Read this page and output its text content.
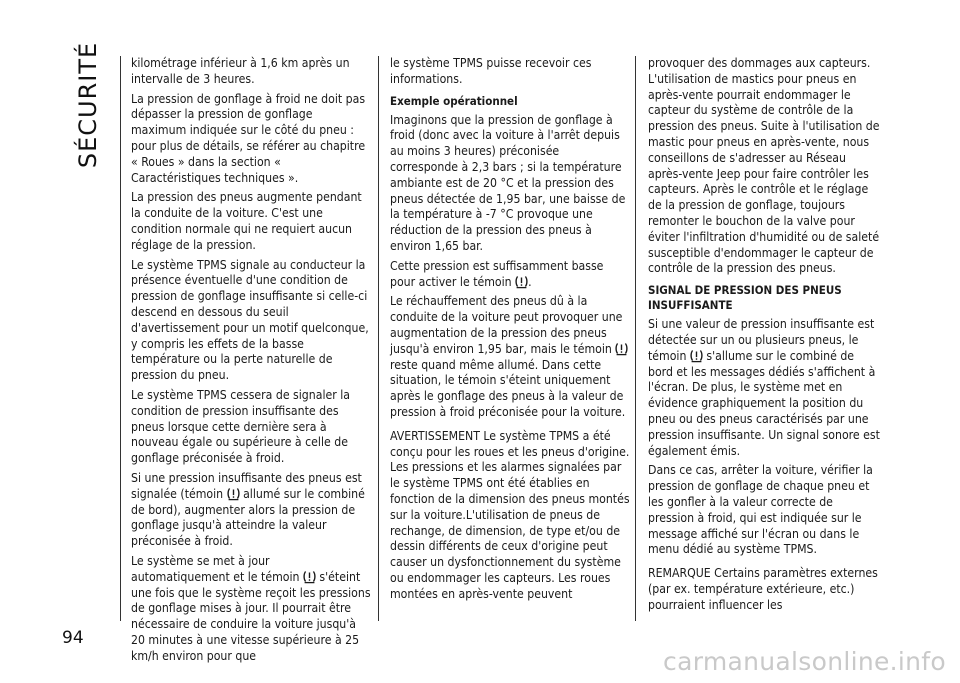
SÉCURITÉ
94

kilométrage inférieur à 1,6 km après un intervalle de 3 heures.

La pression de gonflage à froid ne doit pas dépasser la pression de gonflage maximum indiquée sur le côté du pneu : pour plus de détails, se référer au chapitre « Roues » dans la section « Caractéristiques techniques ».

La pression des pneus augmente pendant la conduite de la voiture. C'est une condition normale qui ne requiert aucun réglage de la pression.

Le système TPMS signale au conducteur la présence éventuelle d'une condition de pression de gonflage insuffisante si celle-ci descend en dessous du seuil d'avertissement pour un motif quelconque, y compris les effets de la basse température ou la perte naturelle de pression du pneu.

Le système TPMS cessera de signaler la condition de pression insuffisante des pneus lorsque cette dernière sera à nouveau égale ou supérieure à celle de gonflage préconisée à froid.

Si une pression insuffisante des pneus est signalée (témoin  allumé sur le combiné de bord), augmenter alors la pression de gonflage jusqu'à atteindre la valeur préconisée à froid.

Le système se met à jour automatiquement et le témoin  s'éteint une fois que le système reçoit les pressions de gonflage mises à jour. Il pourrait être nécessaire de conduire la voiture jusqu'à 20 minutes à une vitesse supérieure à 25 km/h environ pour que

le système TPMS puisse recevoir ces informations.

Exemple opérationnel

Imaginons que la pression de gonflage à froid (donc avec la voiture à l'arrêt depuis au moins 3 heures) préconisée corresponde à 2,3 bars ; si la température ambiante est de 20 °C et la pression des pneus détectée de 1,95 bar, une baisse de la température à -7 °C provoque une réduction de la pression des pneus à environ 1,65 bar.

Cette pression est suffisamment basse pour activer le témoin .

Le réchauffement des pneus dû à la conduite de la voiture peut provoquer une augmentation de la pression des pneus jusqu'à environ 1,95 bar, mais le témoin  reste quand même allumé. Dans cette situation, le témoin s'éteint uniquement après le gonflage des pneus à la valeur de pression à froid préconisée pour la voiture.

AVERTISSEMENT Le système TPMS a été conçu pour les roues et les pneus d'origine. Les pressions et les alarmes signalées par le système TPMS ont été établies en fonction de la dimension des pneus montés sur la voiture.L'utilisation de pneus de rechange, de dimension, de type et/ou de dessin différents de ceux d'origine peut causer un dysfonctionnement du système ou endommager les capteurs. Les roues montées en après-vente peuvent

provoquer des dommages aux capteurs. L'utilisation de mastics pour pneus en après-vente pourrait endommager le capteur du système de contrôle de la pression des pneus. Suite à l'utilisation de mastic pour pneus en après-vente, nous conseillons de s'adresser au Réseau après-vente Jeep pour faire contrôler les capteurs. Après le contrôle et le réglage de la pression de gonflage, toujours remonter le bouchon de la valve pour éviter l'infiltration d'humidité ou de saleté susceptible d'endommager le capteur de contrôle de la pression des pneus.

SIGNAL DE PRESSION DES PNEUS INSUFFISANTE

Si une valeur de pression insuffisante est détectée sur un ou plusieurs pneus, le témoin  s'allume sur le combiné de bord et les messages dédiés s'affichent à l'écran. De plus, le système met en évidence graphiquement la position du pneu ou des pneus caractérisés par une pression insuffisante. Un signal sonore est également émis.

Dans ce cas, arrêter la voiture, vérifier la pression de gonflage de chaque pneu et les gonfler à la valeur correcte de pression à froid, qui est indiquée sur le message affiché sur l'écran ou dans le menu dédié au système TPMS.

REMARQUE Certains paramètres externes (par ex. température extérieure, etc.) pourraient influencer les

carmanualsonline.info
